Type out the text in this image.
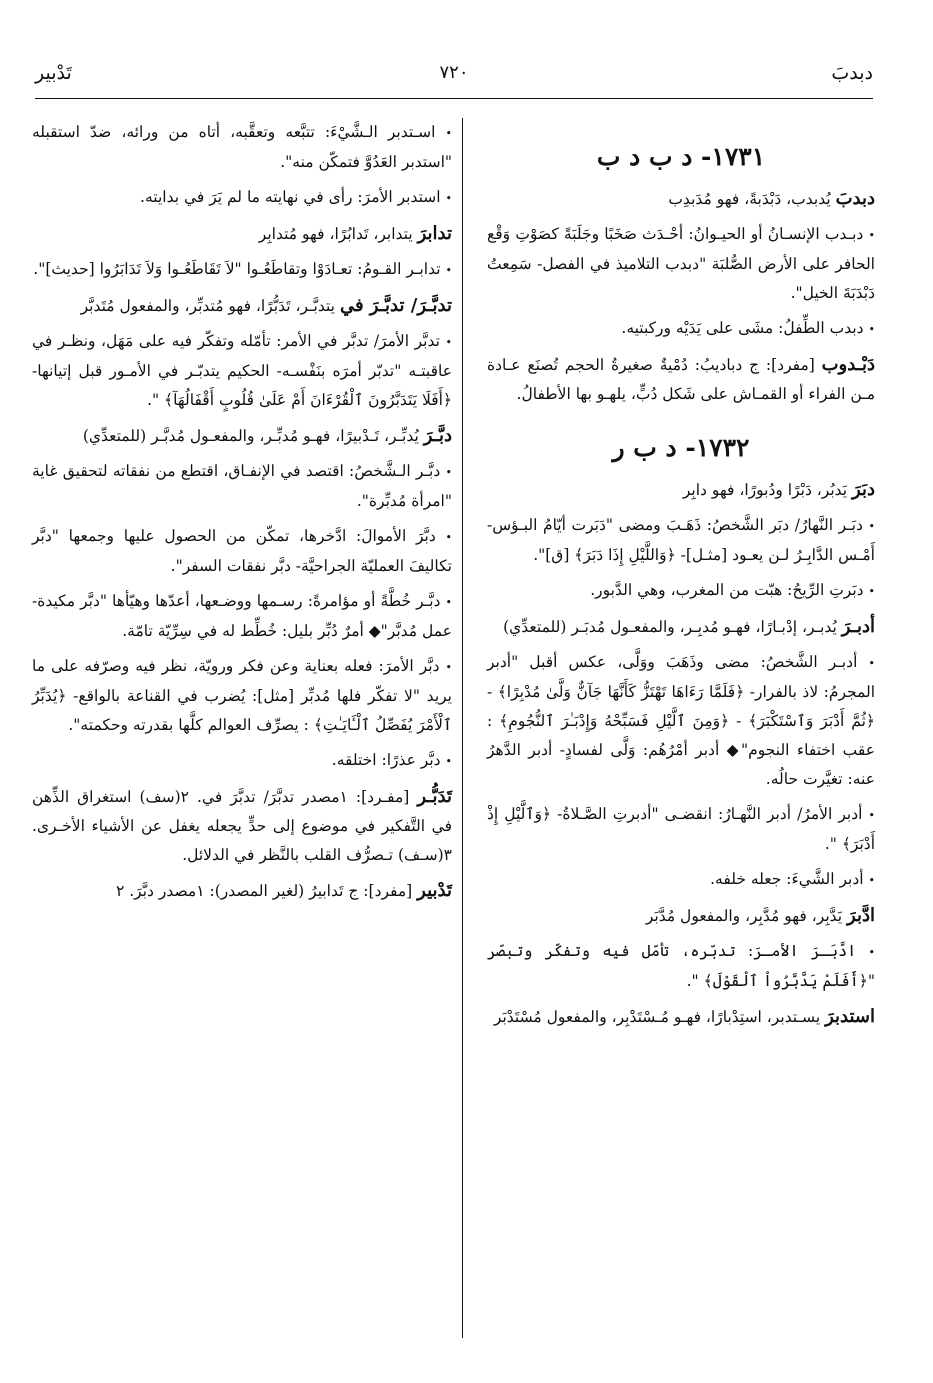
دبدبَ
٧٢٠
تَدْبير
١٧٣١- د ب د ب

دبدبَ يُدبدب، دَبْدَبةً، فهو مُدَبدِب

• دبـدب الإنسـانُ أو الحيـوانُ: أحْـدَث صَخَبًا وجَلَبَةً كصَوْتِ وَقْع الحافر على الأرض الصُّلبَة "دبدب التلاميذ في الفصل- سَمِعتُ دَبْدَبَةَ الخيل".

• دبدب الطِّفلُ: مشَى على يَدَيْه وركبتيه.

دَبْـدوب [مفرد]: ج دباديبُ: دُمْيةٌ صغيرةُ الحجم تُصنَع عـادة مـن الفراء أو القمـاش على شَكل دُبٍّ، يلهـو بها الأطفالُ.

١٧٣٢- د ب ر

دبَرَ يَدبُر، دَبْرًا ودُبورًا، فهو دابِر

• دبَـر النَّهارُ/ دبَر الشَّخصُ: ذَهَـبَ ومضى "دَبَرت أيّامُ البـؤس- أَمْـس الدَّابِـرُ لـن يعـود [مثـل]- ﴿وَاللَّيْلِ إِذَا دَبَرَ﴾ [ق]".

• دبَرتِ الرِّيحُ: هبّت من المغرب، وهي الدَّبور.

أدبـرَ يُدبـر، إدْبـارًا، فهـو مُدبِـر، والمفعـول مُدبَـر (للمتعدِّي)

• أدبـر الشَّخصُ: مضى وذَهَبَ ووَلَّى، عكس أقبل "أدبر المجرمُ: لاذ بالفرار- ﴿فَلَمَّا رَءَاهَا تَهْتَزُّ كَأَنَّهَا جَآنٌّ وَلَّىٰ مُدْبِرًا﴾ - ﴿ثُمَّ أَدْبَرَ وَٱسْتَكْبَرَ﴾ - ﴿وَمِنَ ٱلَّيْلِ فَسَبِّحْهُ وَإِدْبَـٰرَ ٱلنُّجُومِ﴾ : عقب اختفاء النجوم"◆ أدبر أمْرُهُم: وَلَّى لفسادٍ- أدبر الدَّهرُ عنه: تغيَّرت حالُه.

• أدبر الأمرُ/ أدبر النَّهـارُ: انقضـى "أدبرتِ الصَّـلاةُ- ﴿وَٱلَّيْلِ إِذْ أَدْبَرَ﴾ ".

• أدبر الشَّيءَ: جعله خلفه.

ادَّبرَ يَدَّبِر، فهو مُدَّبِر، والمفعول مُدَّبَر

• ادَّبَـرَ الأمـرَ: تدبّره، تأمّل فيه وتفكّر وتبصّر "﴿أَفَلَمْ يَدَّبَّرُواْ ٱلْقَوْلَ﴾ ".

استدبرَ يسـتدبر، استِدْبارًا، فهـو مُـسْتَدْبِر، والمفعول مُسْتَدْبَر

• اسـتدبر الـشَّيْءَ: تتبَّعه وتعقَّبه، أتاه من ورائه، ضدّ استقبله "استدبر العَدُوَّ فتمكّن منه".

• استدبر الأمرَ: رأى في نهايته ما لم يَرَ في بدايته.

تدابرَ يتدابر، تَدابُرًا، فهو مُتدابِر

• تدابـر القـومُ: تعـادَوْا وتقاطَعُـوا "لاَ تَقَاطَعُـوا وَلاَ تَدَابَرُوا [حديث]".

تدبَّـرَ/ تدبَّـرَ في يتدبَّـر، تَدَبُّرًا، فهو مُتدبِّر، والمفعول مُتَدبَّر

• تدبَّر الأمرَ/ تدبَّر في الأمر: تأمّله وتفكّر فيه على مَهَل، ونظـر في عاقبتـه "تدبّر أمرَه بنَفْسـه- الحكيم يتدبّـر في الأمـور قبل إتيانها- ﴿أَفَلَا يَتَدَبَّرُونَ ٱلْقُرْءَانَ أَمْ عَلَىٰ قُلُوبٍ أَقْفَالُهَآ﴾ ".

دبَّـرَ يُدبِّـر، تَـدْبيرًا، فهـو مُدبِّـر، والمفعـول مُدبَّـر (للمتعدِّي)

• دبَّـر الـشَّخصُ: اقتصد في الإنفـاق، اقتطع من نفقاته لتحقيق غاية "امرأة مُدبِّرة".

• دبَّرَ الأموالَ: ادَّخرها، تمكّن من الحصول عليها وجمعها "دبَّر تكاليفَ العمليّة الجراحيَّة- دبَّر نفقات السفر".

• دبَّـر خُطَّةً أو مؤامرةً: رسـمها ووضـعها، أعدّها وهيّأها "دبَّر مكيدة- عمل مُدبَّر"◆ أمرٌ دُبِّر بليل: خُطِّط له في سِرِّيّة تامّة.

• دبَّر الأمرَ: فعله بعناية وعن فكر ورويّة، نظر فيه وصرّفه على ما يريد "لا تفكّر فلها مُدبِّر [مثل]: يُضرب في القناعة بالواقع- ﴿يُدَبِّرُ ٱلْأَمْرَ يُفَصِّلُ ٱلْـَٔايَـٰتِ﴾ : يصرِّف العوالم كلَّها بقدرته وحكمته".

• دبَّر عذرًا: اختلقه.

تَدَبُّـر [مفـرد]: ١مصدر تدبَّرَ/ تدبَّرَ في. ٢(سف) استغراق الذِّهن في التَّفكير في موضوع إلى حدٍّ يجعله يغفل عن الأشياء الأخـرى. ٣(سـف) تـصرُّف القلب بالنَّظر في الدلائل.

تَدْبير [مفرد]: ج تَدابيرُ (لغير المصدر): ١مصدر دبَّرَ. ٢
